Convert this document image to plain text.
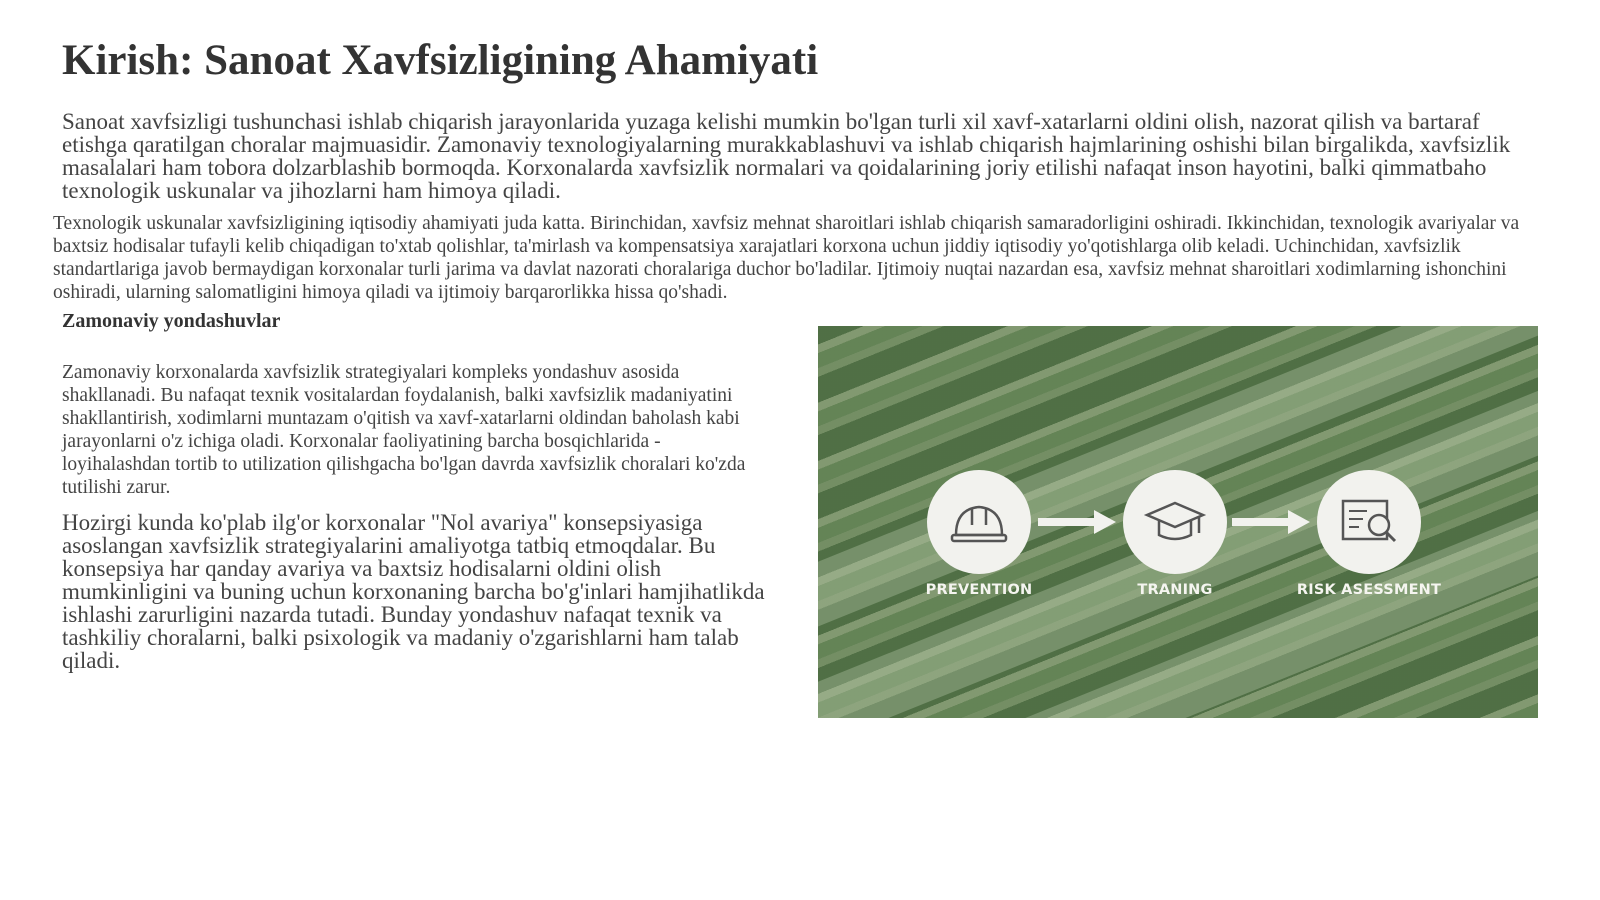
Kirish: Sanoat Xavfsizligining Ahamiyati

Sanoat xavfsizligi tushunchasi ishlab chiqarish jarayonlarida yuzaga kelishi mumkin bo'lgan turli xil xavf-xatarlarni oldini olish, nazorat qilish va bartaraf etishga qaratilgan choralar majmuasidir. Zamonaviy texnologiyalarning murakkablashuvi va ishlab chiqarish hajmlarining oshishi bilan birgalikda, xavfsizlik masalalari ham tobora dolzarblashib bormoqda. Korxonalarda xavfsizlik normalari va qoidalarining joriy etilishi nafaqat inson hayotini, balki qimmatbaho texnologik uskunalar va jihozlarni ham himoya qiladi.

Texnologik uskunalar xavfsizligining iqtisodiy ahamiyati juda katta. Birinchidan, xavfsiz mehnat sharoitlari ishlab chiqarish samaradorligini oshiradi. Ikkinchidan, texnologik avariyalar va baxtsiz hodisalar tufayli kelib chiqadigan to'xtab qolishlar, ta'mirlash va kompensatsiya xarajatlari korxona uchun jiddiy iqtisodiy yo'qotishlarga olib keladi. Uchinchidan, xavfsizlik standartlariga javob bermaydigan korxonalar turli jarima va davlat nazorati choralariga duchor bo'ladilar. Ijtimoiy nuqtai nazardan esa, xavfsiz mehnat sharoitlari xodimlarning ishonchini oshiradi, ularning salomatligini himoya qiladi va ijtimoiy barqarorlikka hissa qo'shadi.

Zamonaviy yondashuvlar

Zamonaviy korxonalarda xavfsizlik strategiyalari kompleks yondashuv asosida shakllanadi. Bu nafaqat texnik vositalardan foydalanish, balki xavfsizlik madaniyatini shakllantirish, xodimlarni muntazam o'qitish va xavf-xatarlarni oldindan baholash kabi jarayonlarni o'z ichiga oladi. Korxonalar faoliyatining barcha bosqichlarida - loyihalashdan tortib to utilization qilishgacha bo'lgan davrda xavfsizlik choralari ko'zda tutilishi zarur.

Hozirgi kunda ko'plab ilg'or korxonalar "Nol avariya" konsepsiyasiga asoslangan xavfsizlik strategiyalarini amaliyotga tatbiq etmoqdalar. Bu konsepsiya har qanday avariya va baxtsiz hodisalarni oldini olish mumkinligini va buning uchun korxonaning barcha bo'g'inlari hamjihatlikda ishlashi zarurligini nazarda tutadi. Bunday yondashuv nafaqat texnik va tashkiliy choralarni, balki psixologik va madaniy o'zgarishlarni ham talab qiladi.

PREVENTION	TRANING	RISK ASESSMENT
